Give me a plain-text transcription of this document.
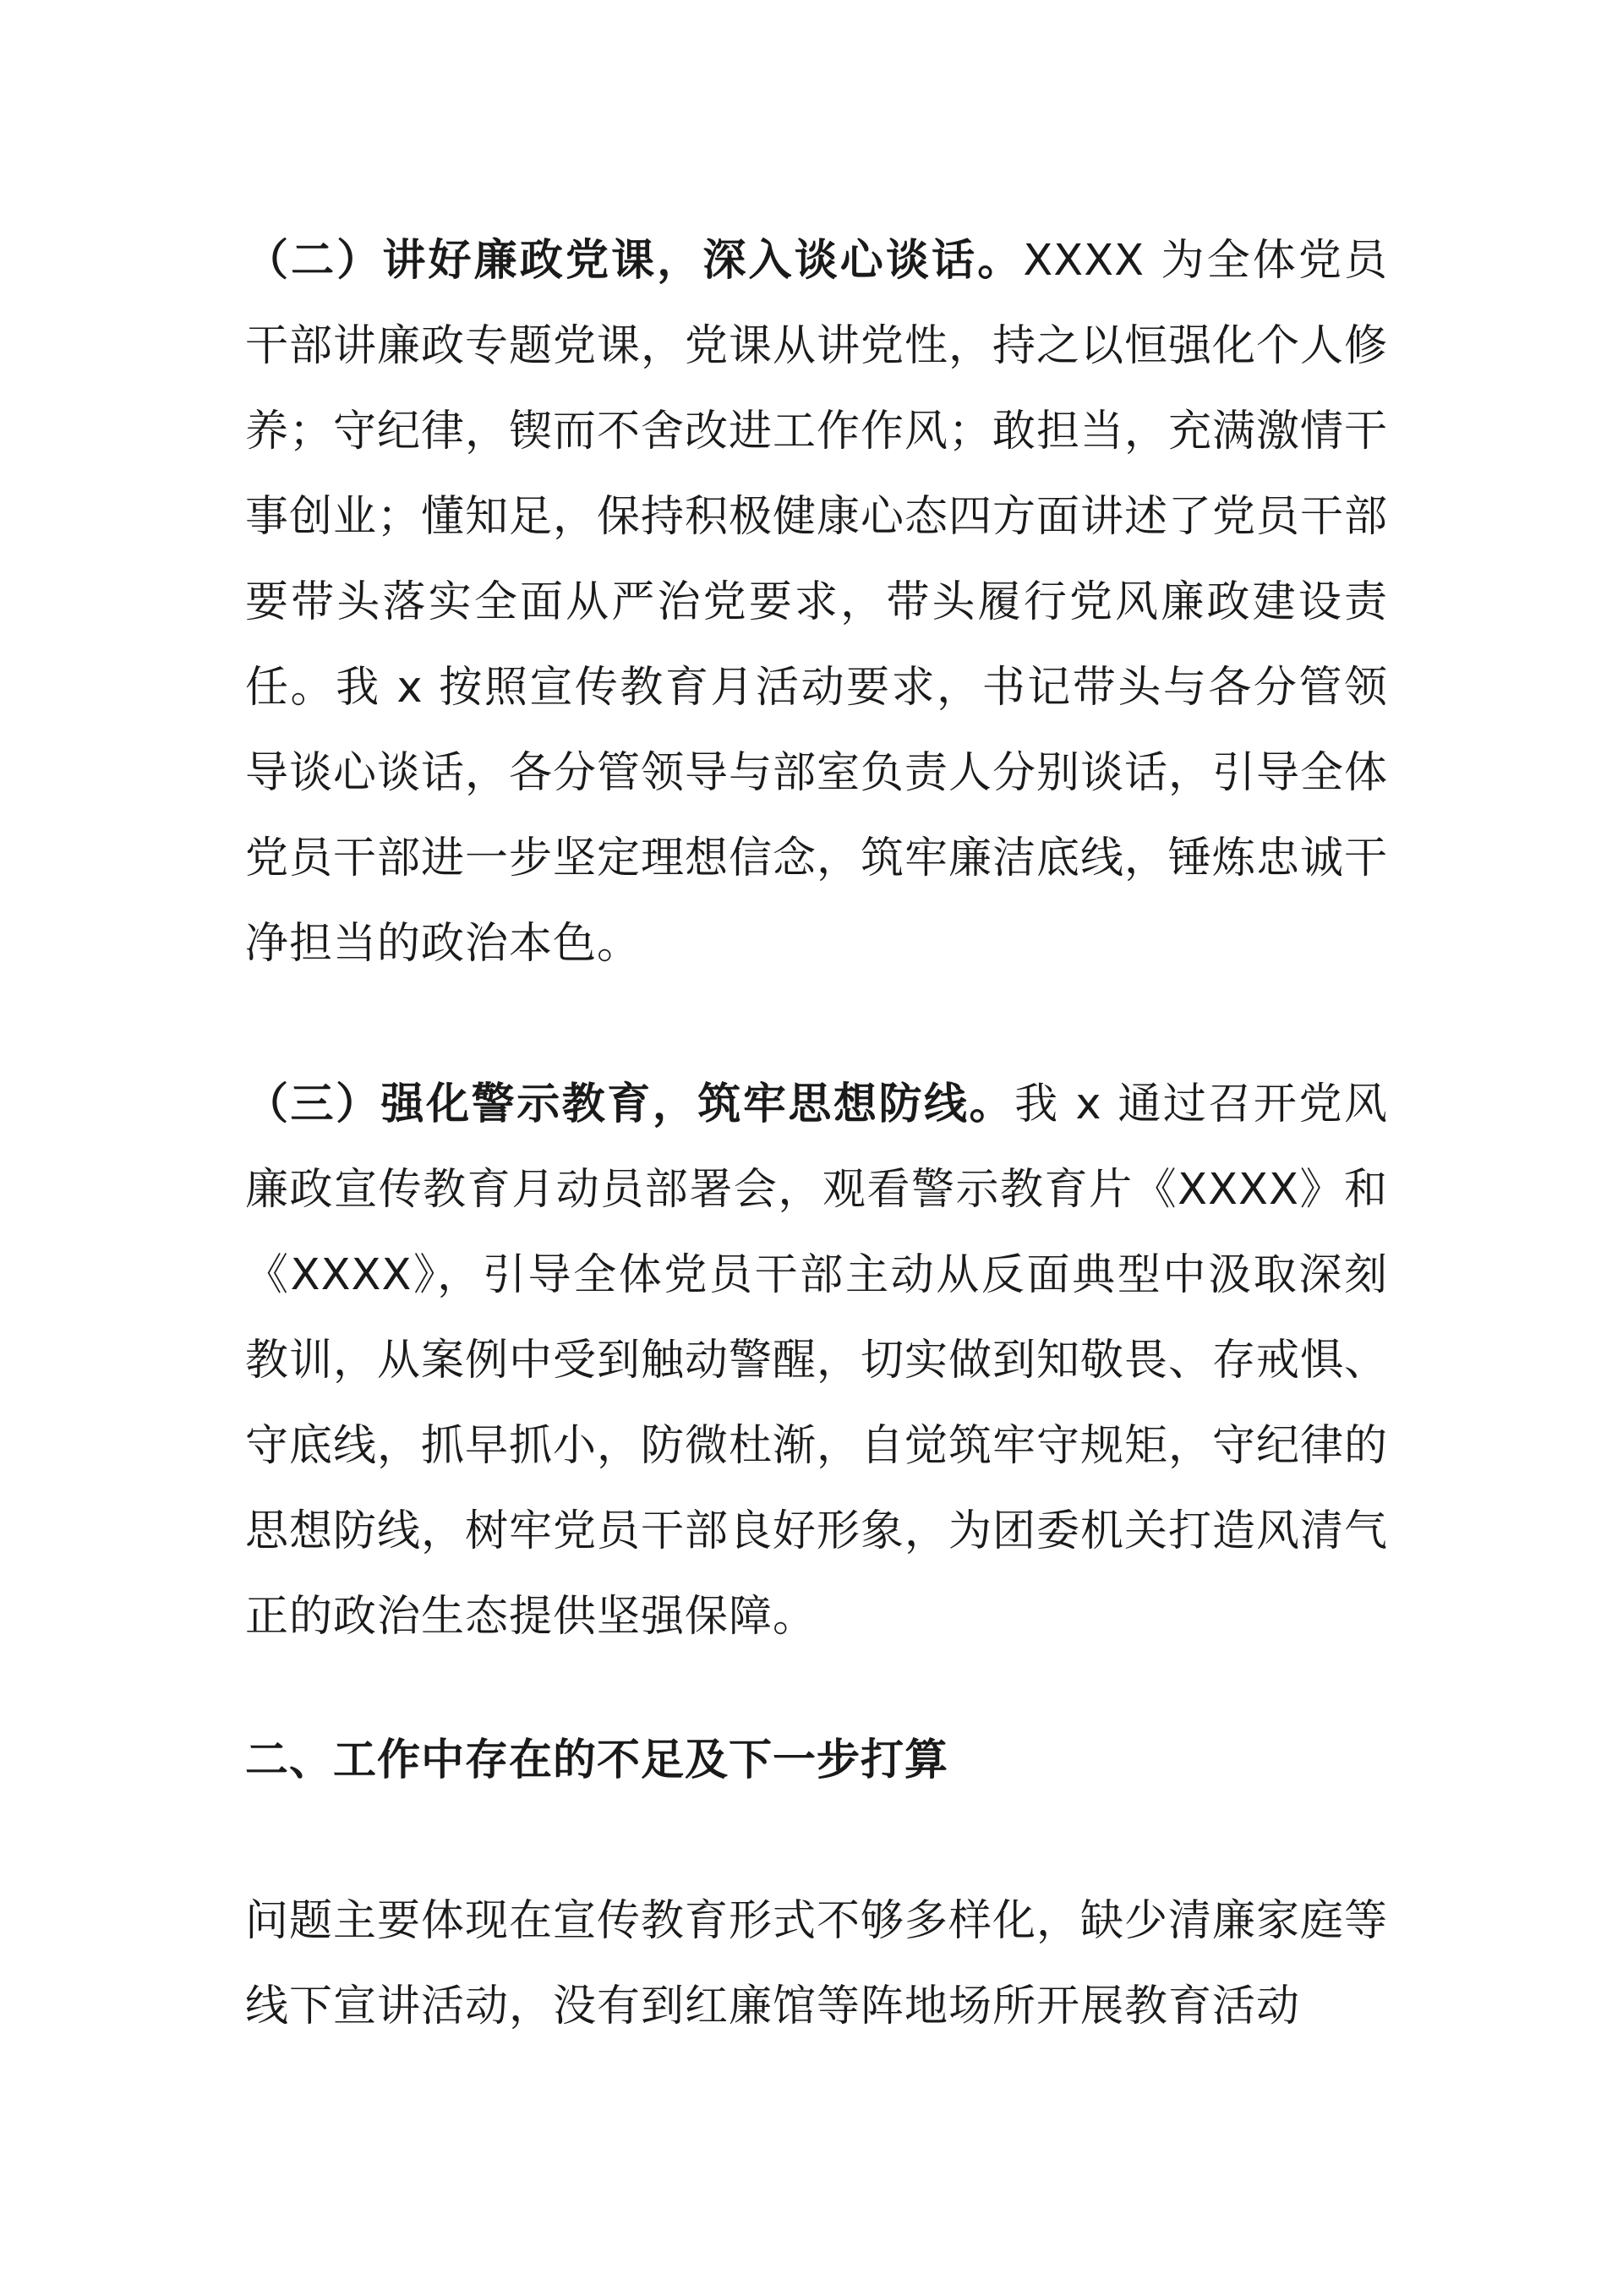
（二）讲好廉政党课，深入谈心谈话。XXXX 为全体党员干部讲廉政专题党课，党课从讲党性，持之以恒强化个人修养；守纪律，锲而不舍改进工作作风；敢担当，充满激情干事创业；懂知足，保持积极健康心态四方面讲述了党员干部要带头落实全面从严治党要求，带头履行党风廉政建设责任。我 x 按照宣传教育月活动要求，书记带头与各分管领导谈心谈话，各分管领导与部室负责人分别谈话，引导全体党员干部进一步坚定理想信念，筑牢廉洁底线，锤炼忠诚干净担当的政治本色。

（三）强化警示教育，筑牢思想防线。我 x 通过召开党风廉政宣传教育月动员部署会，观看警示教育片《XXXX》和《XXXX》，引导全体党员干部主动从反面典型中汲取深刻教训，从案例中受到触动警醒，切实做到知敬畏、存戒惧、守底线，抓早抓小，防微杜渐，自觉筑牢守规矩，守纪律的思想防线，树牢党员干部良好形象，为团委机关打造风清气正的政治生态提供坚强保障。

二、工作中存在的不足及下一步打算

问题主要体现在宣传教育形式不够多样化，缺少清廉家庭等线下宣讲活动，没有到红廉馆等阵地场所开展教育活动
